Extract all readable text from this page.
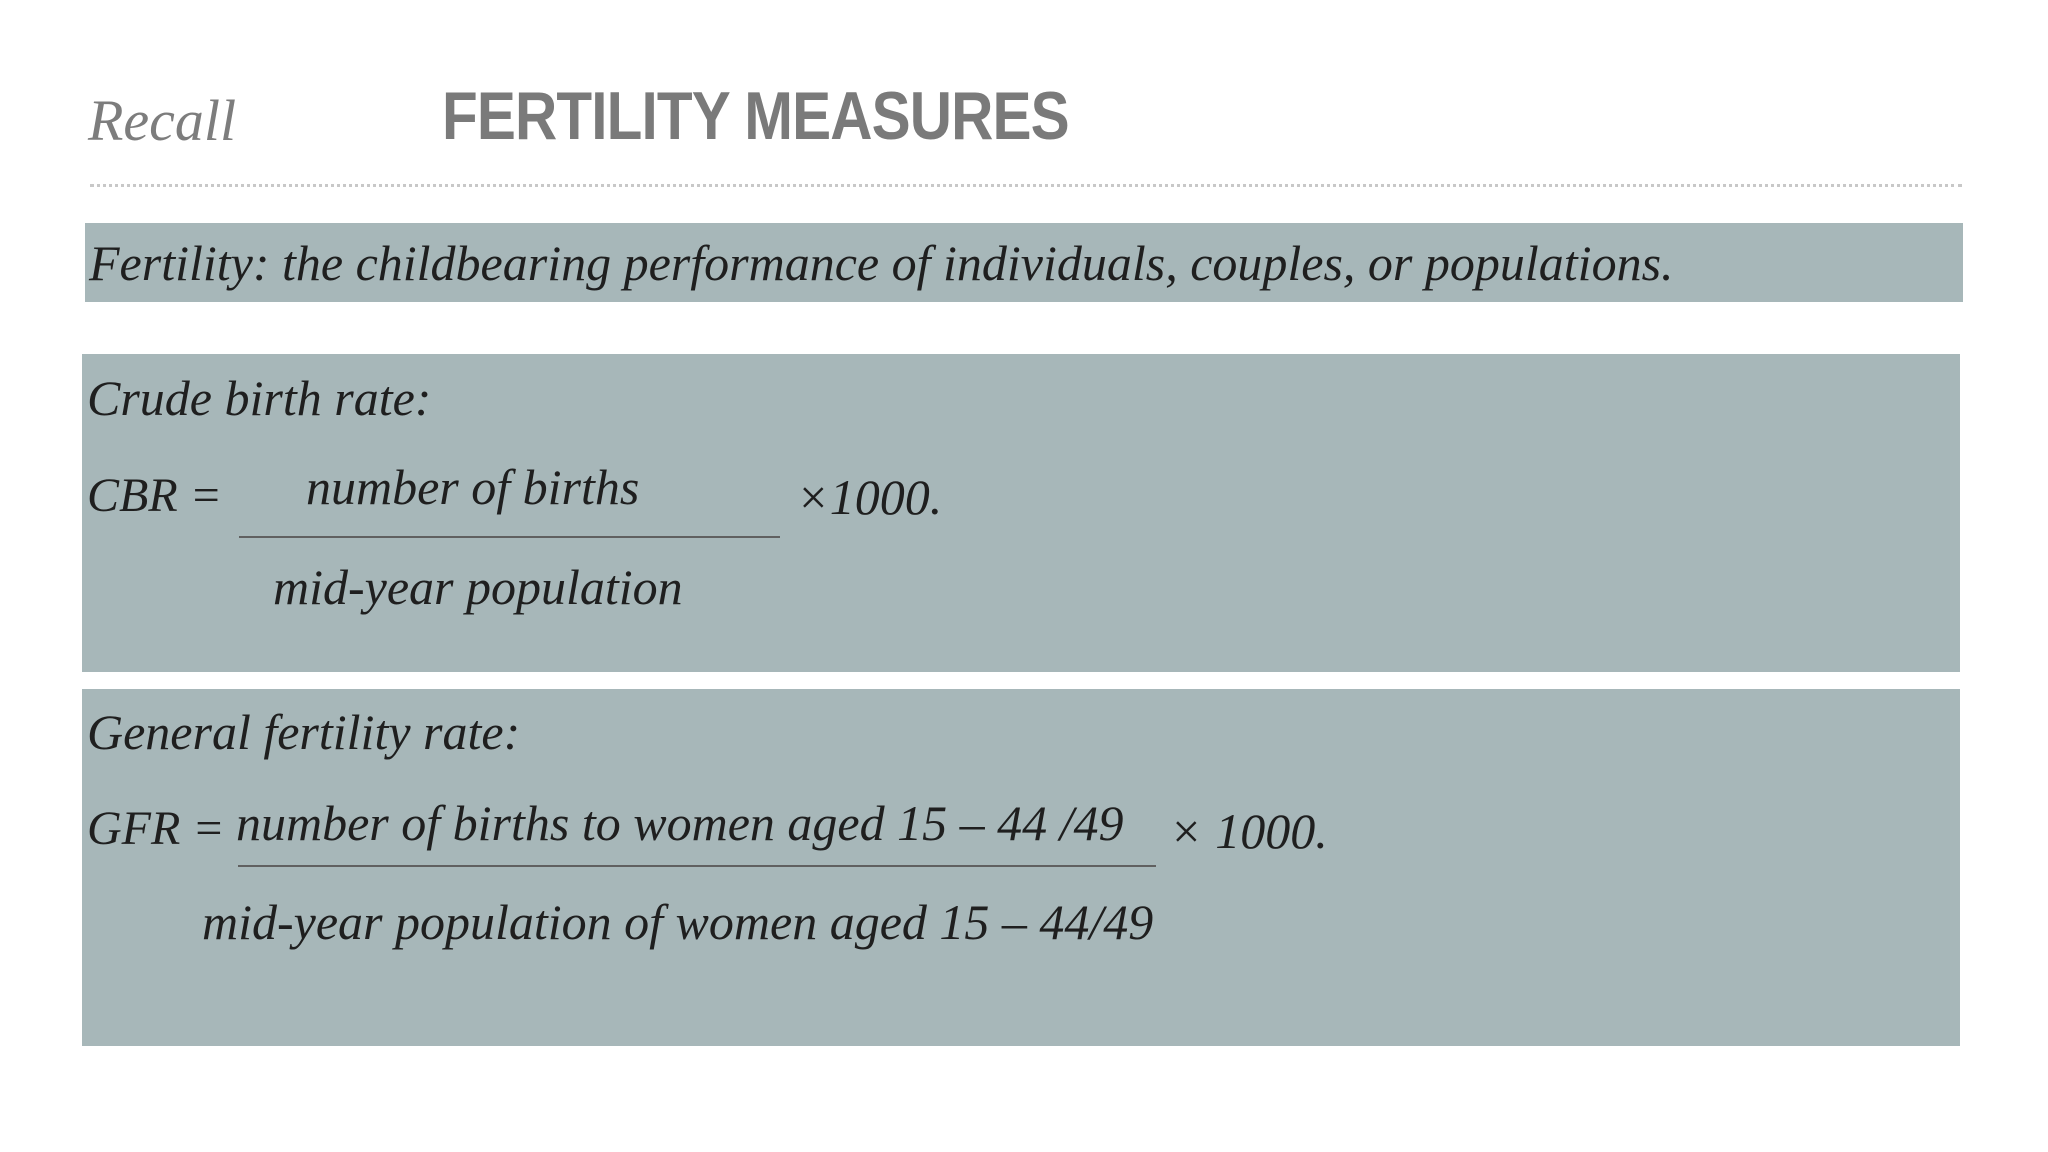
Recall	FERTILITY MEASURES
Fertility: the childbearing performance of individuals, couples, or populations.
Crude birth rate:
CBR = number of births
mid-year population
×1000.
General fertility rate:
GFR = number of births to women aged 15 – 44 /49
mid-year population of women aged 15 – 44/49
× 1000.
